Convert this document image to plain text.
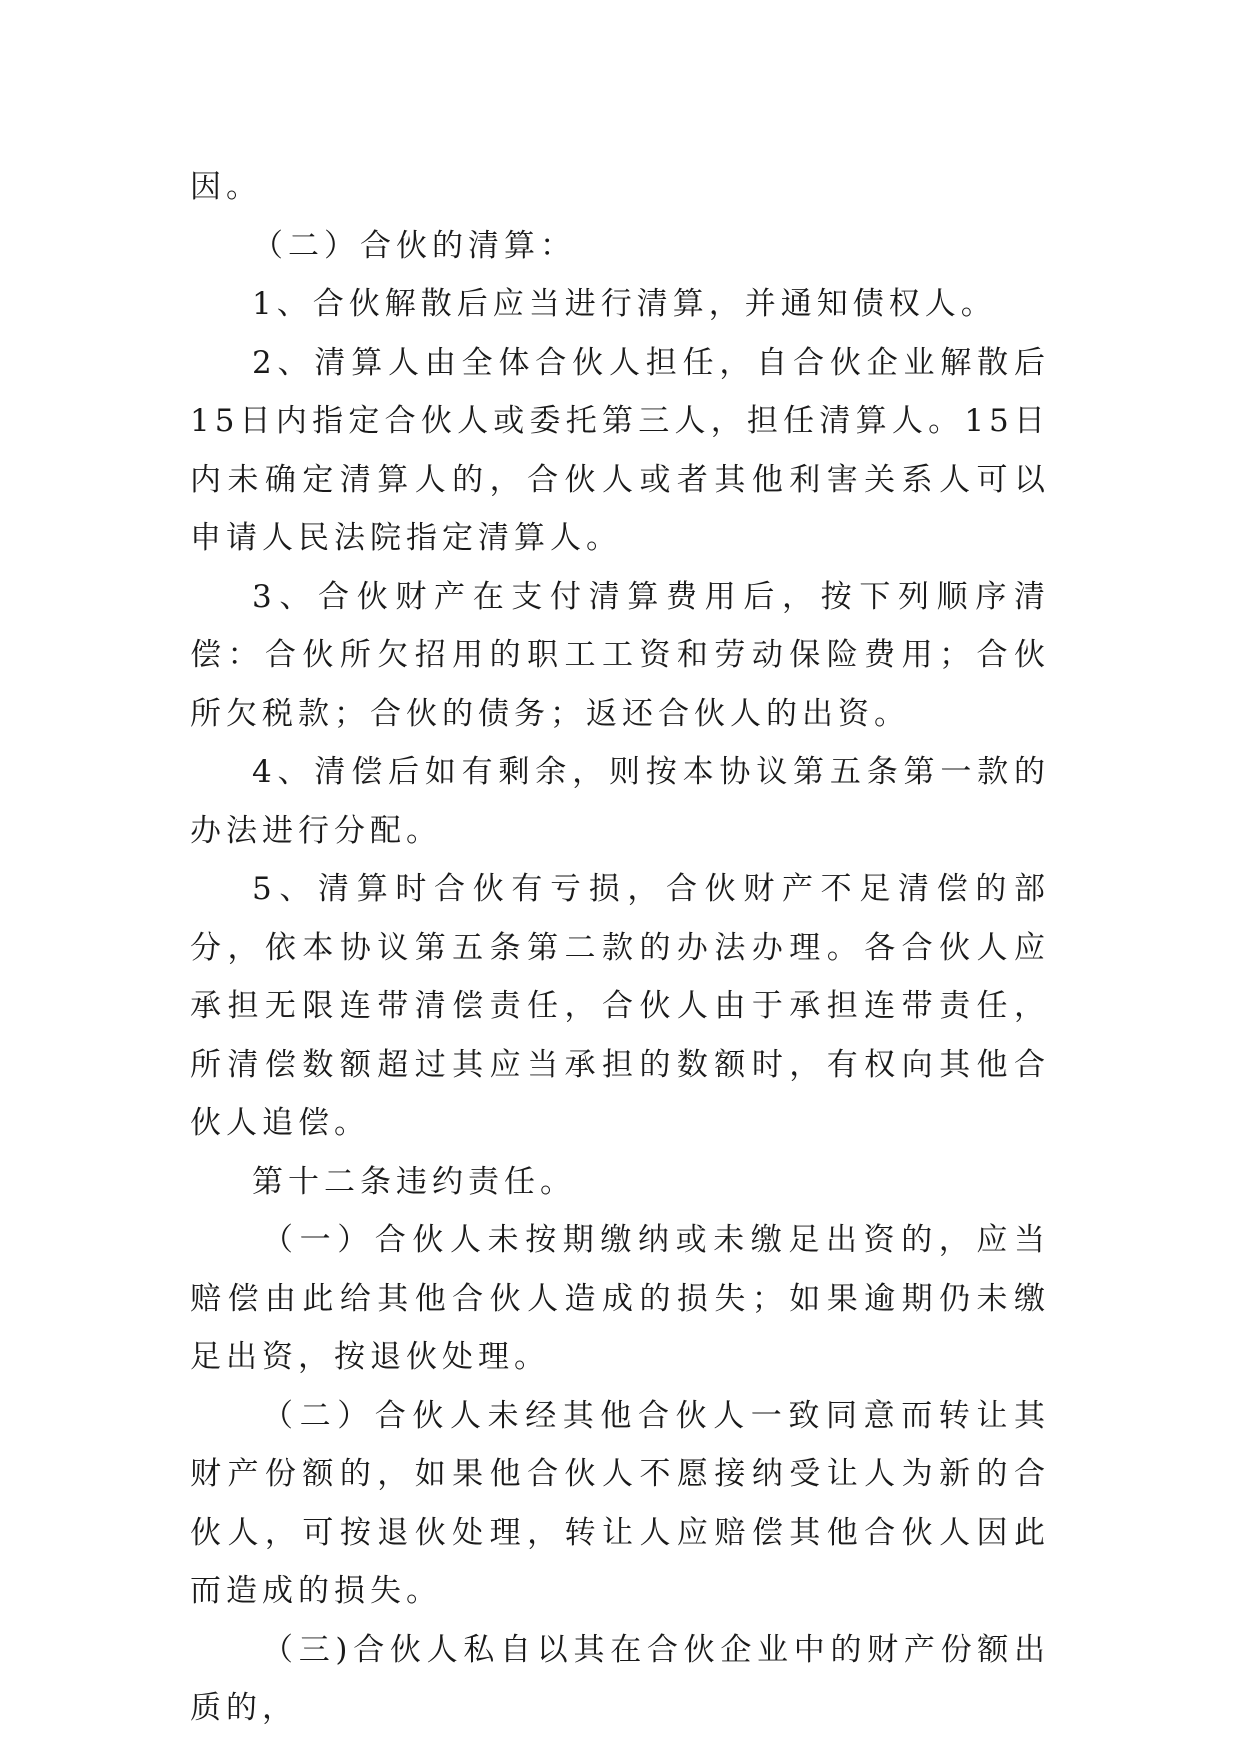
因。

（二）合伙的清算：

1、合伙解散后应当进行清算，并通知债权人。

2、清算人由全体合伙人担任，自合伙企业解散后15日内指定合伙人或委托第三人，担任清算人。15日内未确定清算人的，合伙人或者其他利害关系人可以申请人民法院指定清算人。

3、合伙财产在支付清算费用后，按下列顺序清偿：合伙所欠招用的职工工资和劳动保险费用；合伙所欠税款；合伙的债务；返还合伙人的出资。

4、清偿后如有剩余，则按本协议第五条第一款的办法进行分配。

5、清算时合伙有亏损，合伙财产不足清偿的部分，依本协议第五条第二款的办法办理。各合伙人应承担无限连带清偿责任，合伙人由于承担连带责任，所清偿数额超过其应当承担的数额时，有权向其他合伙人追偿。

第十二条违约责任。

（一）合伙人未按期缴纳或未缴足出资的，应当赔偿由此给其他合伙人造成的损失；如果逾期仍未缴足出资，按退伙处理。

（二）合伙人未经其他合伙人一致同意而转让其财产份额的，如果他合伙人不愿接纳受让人为新的合伙人，可按退伙处理，转让人应赔偿其他合伙人因此而造成的损失。

（三)合伙人私自以其在合伙企业中的财产份额出质的，
